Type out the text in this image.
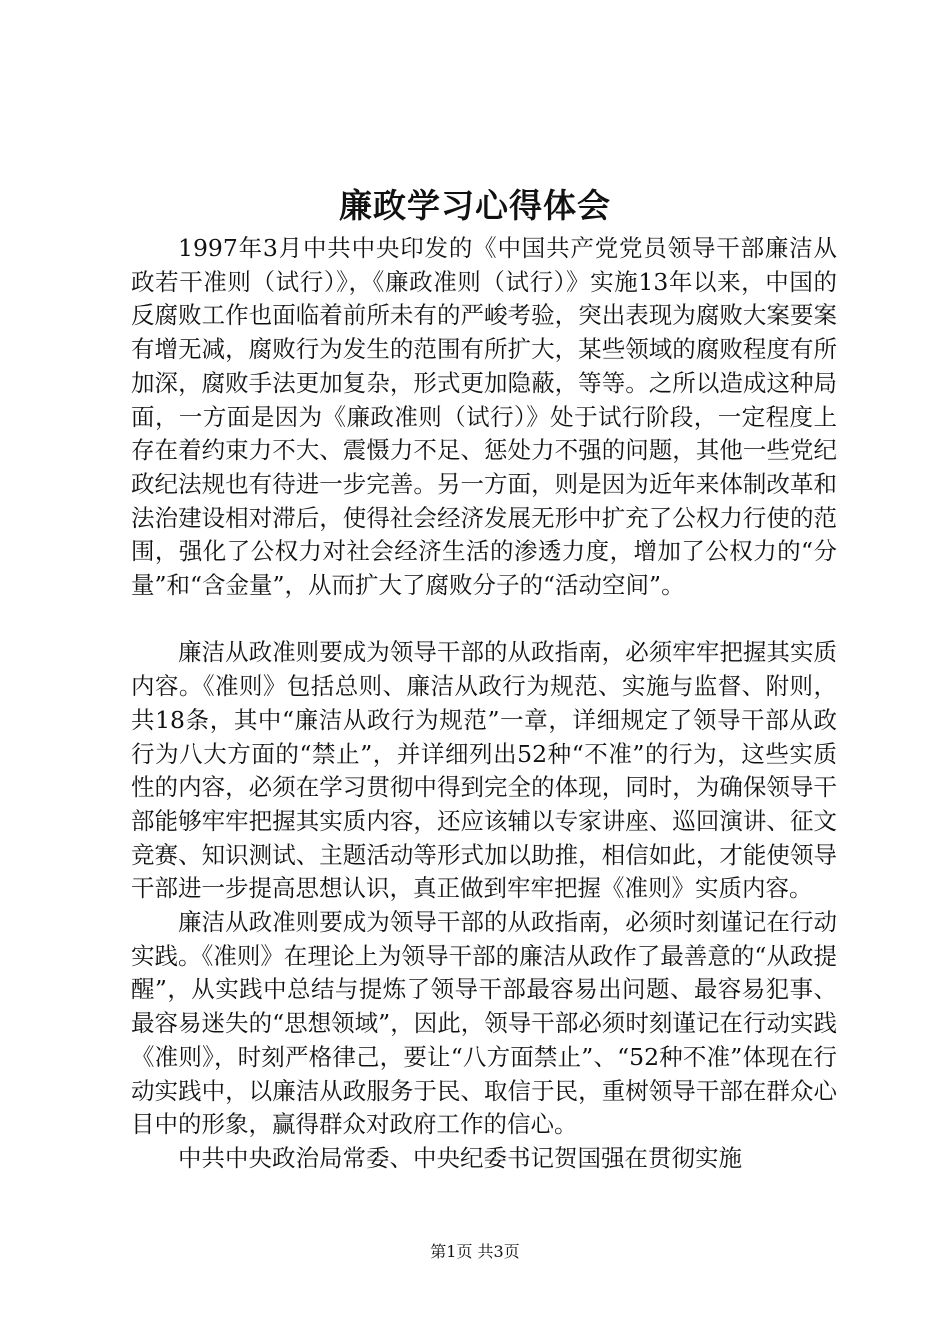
廉政学习心得体会

1997年3月中共中央印发的《中国共产党党员领导干部廉洁从政若干准则（试行）》，《廉政准则（试行）》实施13年以来，中国的反腐败工作也面临着前所未有的严峻考验，突出表现为腐败大案要案有增无减，腐败行为发生的范围有所扩大，某些领域的腐败程度有所加深，腐败手法更加复杂，形式更加隐蔽，等等。之所以造成这种局面，一方面是因为《廉政准则（试行）》处于试行阶段，一定程度上存在着约束力不大、震慑力不足、惩处力不强的问题，其他一些党纪政纪法规也有待进一步完善。另一方面，则是因为近年来体制改革和法治建设相对滞后，使得社会经济发展无形中扩充了公权力行使的范围，强化了公权力对社会经济生活的渗透力度，增加了公权力的“分量”和“含金量”，从而扩大了腐败分子的“活动空间”。

廉洁从政准则要成为领导干部的从政指南，必须牢牢把握其实质内容。《准则》包括总则、廉洁从政行为规范、实施与监督、附则，共18条，其中“廉洁从政行为规范”一章，详细规定了领导干部从政行为八大方面的“禁止”，并详细列出52种“不准”的行为，这些实质性的内容，必须在学习贯彻中得到完全的体现，同时，为确保领导干部能够牢牢把握其实质内容，还应该辅以专家讲座、巡回演讲、征文竞赛、知识测试、主题活动等形式加以助推，相信如此，才能使领导干部进一步提高思想认识，真正做到牢牢把握《准则》实质内容。

廉洁从政准则要成为领导干部的从政指南，必须时刻谨记在行动实践。《准则》在理论上为领导干部的廉洁从政作了最善意的“从政提醒”，从实践中总结与提炼了领导干部最容易出问题、最容易犯事、最容易迷失的“思想领域”，因此，领导干部必须时刻谨记在行动实践《准则》，时刻严格律己，要让“八方面禁止”、“52种不准”体现在行动实践中，以廉洁从政服务于民、取信于民，重树领导干部在群众心目中的形象，赢得群众对政府工作的信心。

中共中央政治局常委、中央纪委书记贺国强在贯彻实施

第1页 共3页
